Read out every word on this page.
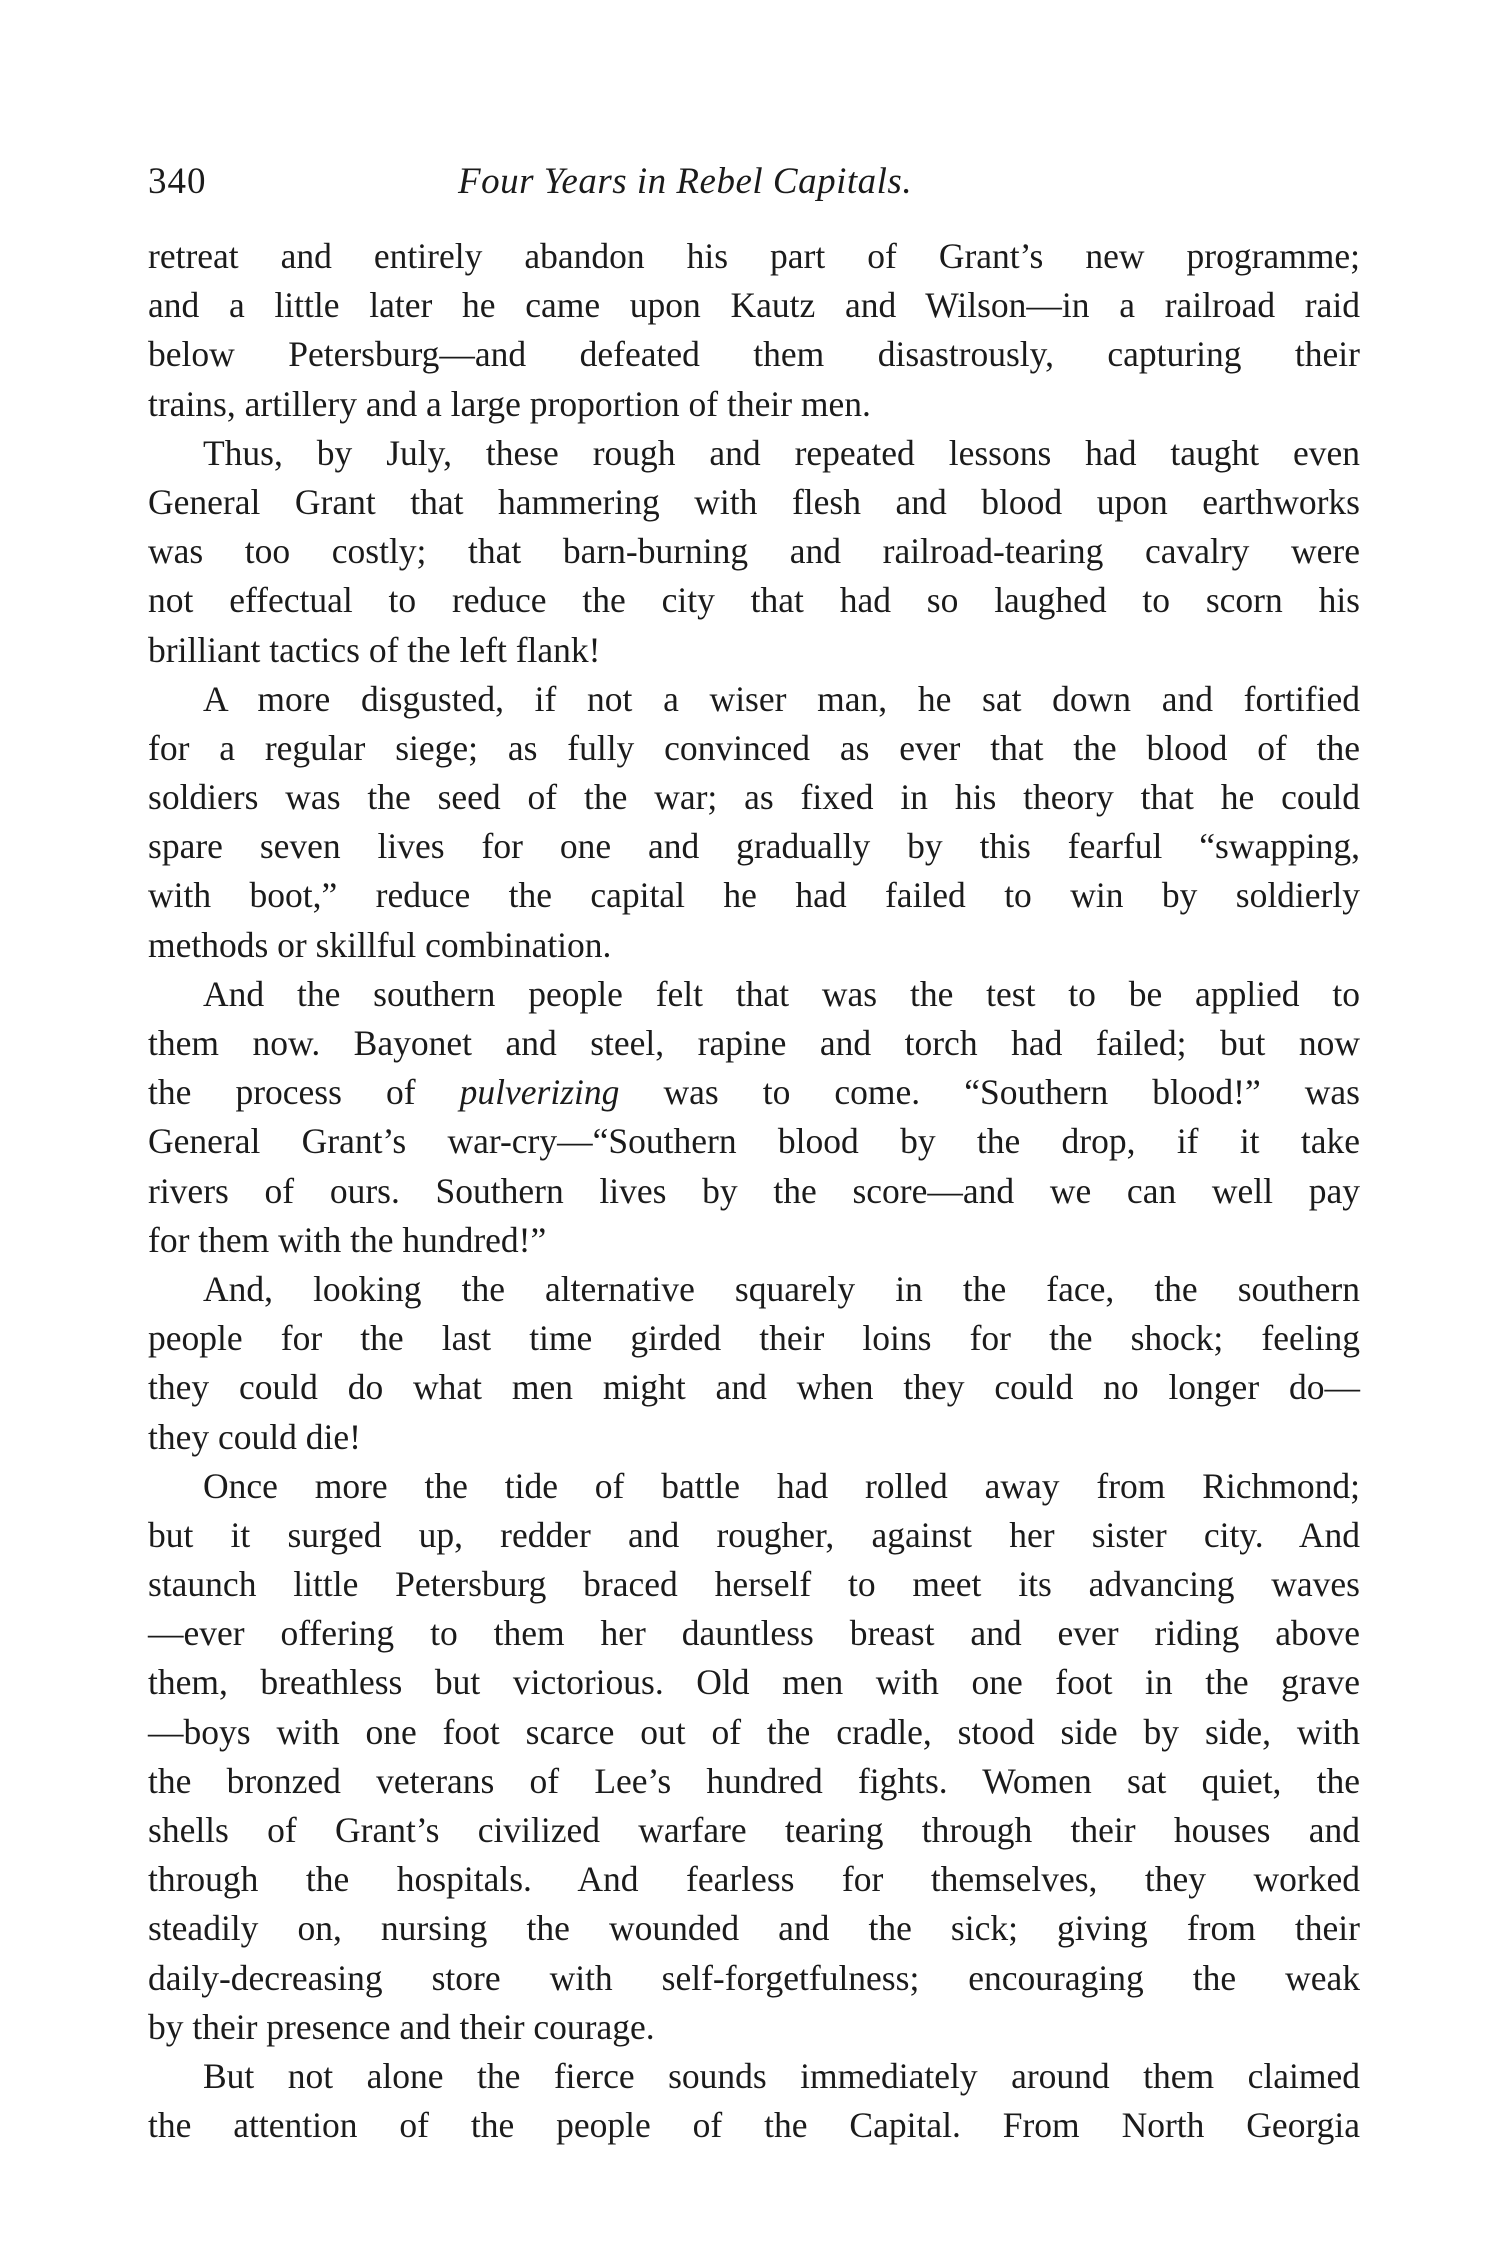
340	Four Years in Rebel Capitals.
retreat and entirely abandon his part of Grant’s new programme;
and a little later he came upon Kautz and Wilson—in a railroad raid
below Petersburg—and defeated them disastrously, capturing their
trains, artillery and a large proportion of their men.
Thus, by July, these rough and repeated lessons had taught even
General Grant that hammering with flesh and blood upon earthworks
was too costly; that barn-burning and railroad-tearing cavalry were
not effectual to reduce the city that had so laughed to scorn his
brilliant tactics of the left flank!
A more disgusted, if not a wiser man, he sat down and fortified
for a regular siege; as fully convinced as ever that the blood of the
soldiers was the seed of the war; as fixed in his theory that he could
spare seven lives for one and gradually by this fearful “swapping,
with boot,” reduce the capital he had failed to win by soldierly
methods or skillful combination.
And the southern people felt that was the test to be applied to
them now. Bayonet and steel, rapine and torch had failed; but now
the process of pulverizing was to come. “Southern blood!” was
General Grant’s war-cry—“Southern blood by the drop, if it take
rivers of ours. Southern lives by the score—and we can well pay
for them with the hundred!”
And, looking the alternative squarely in the face, the southern
people for the last time girded their loins for the shock; feeling
they could do what men might and when they could no longer do—
they could die!
Once more the tide of battle had rolled away from Richmond;
but it surged up, redder and rougher, against her sister city. And
staunch little Petersburg braced herself to meet its advancing waves
—ever offering to them her dauntless breast and ever riding above
them, breathless but victorious. Old men with one foot in the grave
—boys with one foot scarce out of the cradle, stood side by side, with
the bronzed veterans of Lee’s hundred fights. Women sat quiet, the
shells of Grant’s civilized warfare tearing through their houses and
through the hospitals. And fearless for themselves, they worked
steadily on, nursing the wounded and the sick; giving from their
daily-decreasing store with self-forgetfulness; encouraging the weak
by their presence and their courage.
But not alone the fierce sounds immediately around them claimed
the attention of the people of the Capital. From North Georgia
